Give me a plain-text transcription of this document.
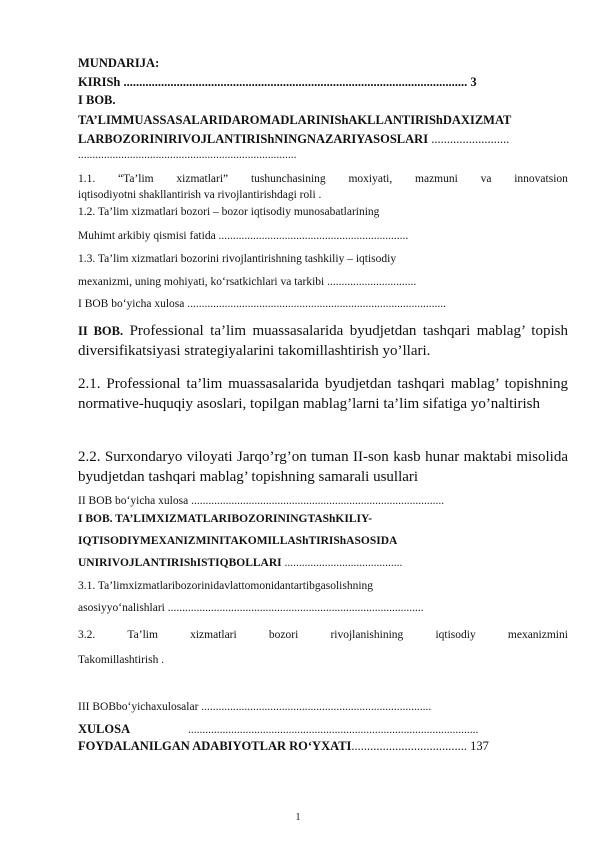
MUNDARIJA:
KIRISh .............................................................................................................. 3
I BOB.
TA’LIMMUASSASALARIDAROMADLARINIShAKLLANTIRIShDAXIZMAT
LARBOZORINIRIVOJLANTIRIShNINGNAZARIYASOSLARI .........................
............................................................................
1.1. “Ta’lim xizmatlari” tushunchasining moxiyati, mazmuni va innovatsion
iqtisodiyotni shakllantirish va rivojlantirishdagi roli .
1.2. Ta’lim xizmatlari bozori – bozor iqtisodiy munosabatlarining
Muhimt arkibiy qismisi fatida ..................................................................
1.3. Ta’lim xizmatlari bozorini rivojlantirishning tashkiliy – iqtisodiy
mexanizmi, uning mohiyati, ko‘rsatkichlari va tarkibi ...............................
I BOB bo‘yicha xulosa ..........................................................................................
II BOB. Professional ta’lim muassasalarida byudjetdan tashqari mablag’ topish diversifikatsiyasi strategiyalarini takomillashtirish yo’llari.
2.1. Professional ta’lim muassasalarida byudjetdan tashqari mablag’ topishning normative-huquqiy asoslari, topilgan mablag’larni ta’lim sifatiga yo’naltirish
2.2. Surxondaryo viloyati Jarqo’rg’on tuman II-son kasb hunar maktabi misolida byudjetdan tashqari mablag’ topishning samarali usullari
II BOB bo‘yicha xulosa ........................................................................................
I BOB. TA’LIMXIZMATLARIBOZORININGTAShKILIY-
IQTISODIYMEXANIZMINITAKOMILLAShTIRIShASOSIDA
UNIRIVOJLANTIRIShISTIQBOLLARI .........................................
3.1. Ta’limxizmatlaribozorinidavlattomonidantartibgasolishning
asosiyyo‘nalishlari .........................................................................................
3.2.	Ta’lim	xizmatlari	bozori	rivojlanishining	iqtisodiy	mexanizmini
Takomillashtirish .
III BOBbo‘yichaxulosalar ................................................................................
XULOSA	.....................................................................................................
FOYDALANILGAN ADABIYOTLAR RO‘YXATI..................................... 137
1
